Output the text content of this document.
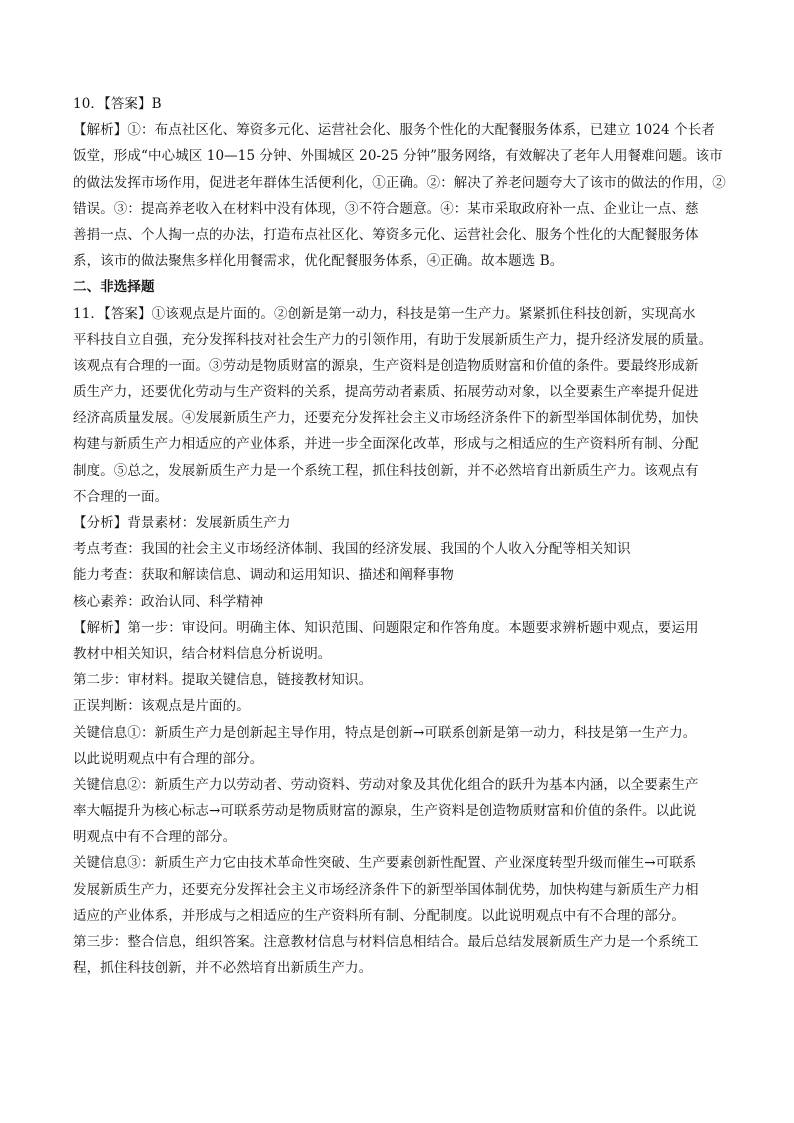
10．【答案】B
【解析】①：布点社区化、筹资多元化、运营社会化、服务个性化的大配餐服务体系，已建立 1024 个长者
饭堂，形成“中心城区 10—15 分钟、外围城区 20-25 分钟”服务网络，有效解决了老年人用餐难问题。该市
的做法发挥市场作用，促进老年群体生活便利化，①正确。②：解决了养老问题夸大了该市的做法的作用，②
错误。③：提高养老收入在材料中没有体现，③不符合题意。④：某市采取政府补一点、企业让一点、慈
善捐一点、个人掏一点的办法，打造布点社区化、筹资多元化、运营社会化、服务个性化的大配餐服务体
系，该市的做法聚焦多样化用餐需求，优化配餐服务体系，④正确。故本题选 B。
二、非选择题
11．【答案】①该观点是片面的。②创新是第一动力，科技是第一生产力。紧紧抓住科技创新，实现高水
平科技自立自强，充分发挥科技对社会生产力的引领作用，有助于发展新质生产力，提升经济发展的质量。
该观点有合理的一面。③劳动是物质财富的源泉，生产资料是创造物质财富和价值的条件。要最终形成新
质生产力，还要优化劳动与生产资料的关系，提高劳动者素质、拓展劳动对象，以全要素生产率提升促进
经济高质量发展。④发展新质生产力，还要充分发挥社会主义市场经济条件下的新型举国体制优势，加快
构建与新质生产力相适应的产业体系，并进一步全面深化改革，形成与之相适应的生产资料所有制、分配
制度。⑤总之，发展新质生产力是一个系统工程，抓住科技创新，并不必然培育出新质生产力。该观点有
不合理的一面。
【分析】背景素材：发展新质生产力
考点考查：我国的社会主义市场经济体制、我国的经济发展、我国的个人收入分配等相关知识
能力考查：获取和解读信息、调动和运用知识、描述和阐释事物
核心素养：政治认同、科学精神
【解析】第一步：审设问。明确主体、知识范围、问题限定和作答角度。本题要求辨析题中观点，要运用
教材中相关知识，结合材料信息分析说明。
第二步：审材料。提取关键信息，链接教材知识。
正误判断：该观点是片面的。
关键信息①：新质生产力是创新起主导作用，特点是创新→可联系创新是第一动力，科技是第一生产力。
以此说明观点中有合理的部分。
关键信息②：新质生产力以劳动者、劳动资料、劳动对象及其优化组合的跃升为基本内涵，以全要素生产
率大幅提升为核心标志→可联系劳动是物质财富的源泉，生产资料是创造物质财富和价值的条件。以此说
明观点中有不合理的部分。
关键信息③：新质生产力它由技术革命性突破、生产要素创新性配置、产业深度转型升级而催生→可联系
发展新质生产力，还要充分发挥社会主义市场经济条件下的新型举国体制优势，加快构建与新质生产力相
适应的产业体系，并形成与之相适应的生产资料所有制、分配制度。以此说明观点中有不合理的部分。
第三步：整合信息，组织答案。注意教材信息与材料信息相结合。最后总结发展新质生产力是一个系统工
程，抓住科技创新，并不必然培育出新质生产力。
